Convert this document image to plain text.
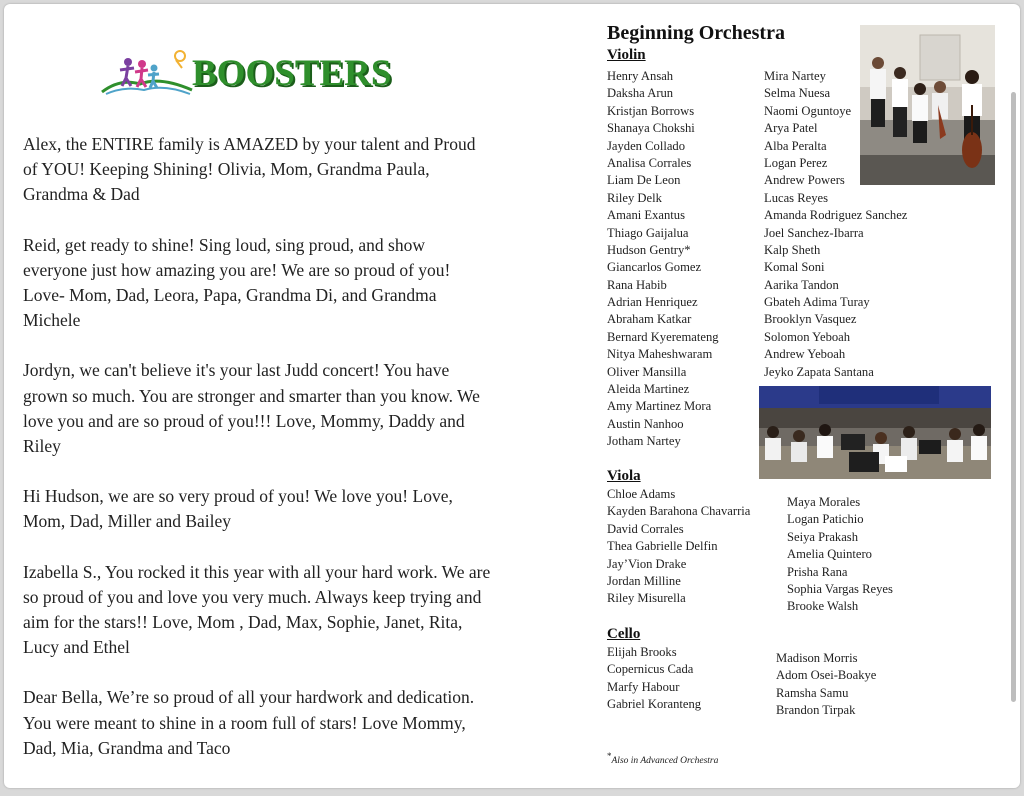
BOOSTERS

Alex, the ENTIRE family is AMAZED by your talent and Proud of YOU! Keeping Shining! Olivia, Mom, Grandma Paula, Grandma & Dad

Reid, get ready to shine! Sing loud, sing proud, and show everyone just how amazing you are! We are so proud of you! Love- Mom, Dad, Leora, Papa, Grandma Di, and Grandma Michele

Jordyn, we can't believe it's your last Judd concert! You have grown so much. You are stronger and smarter than you know. We love you and are so proud of you!!! Love, Mommy, Daddy and Riley

Hi Hudson, we are so very proud of you! We love you! Love, Mom, Dad, Miller and Bailey

Izabella S., You rocked it this year with all your hard work. We are so proud of you and love you very much. Always keep trying and aim for the stars!! Love, Mom , Dad, Max, Sophie, Janet, Rita, Lucy and Ethel

Dear Bella, We’re so proud of all your hardwork and dedication. You were meant to shine in a room full of stars! Love Mommy, Dad, Mia, Grandma and Taco

Beginning Orchestra
Violin
Henry Ansah
Daksha Arun
Kristjan Borrows
Shanaya Chokshi
Jayden Collado
Analisa Corrales
Liam De Leon
Riley Delk
Amani Exantus
Thiago Gaijalua
Hudson Gentry*
Giancarlos Gomez
Rana Habib
Adrian Henriquez
Abraham Katkar
Bernard Kyeremateng
Nitya Maheshwaram
Oliver Mansilla
Aleida Martinez
Amy Martinez Mora
Austin Nanhoo
Jotham Nartey
Mira Nartey
Selma Nuesa
Naomi Oguntoye
Arya Patel
Alba Peralta
Logan Perez
Andrew Powers
Lucas Reyes
Amanda Rodriguez Sanchez
Joel Sanchez-Ibarra
Kalp Sheth
Komal Soni
Aarika Tandon
Gbateh Adima Turay
Brooklyn Vasquez
Solomon Yeboah
Andrew Yeboah
Jeyko Zapata Santana
Viola
Chloe Adams
Kayden Barahona Chavarria
David Corrales
Thea Gabrielle Delfin
Jay’Vion Drake
Jordan Milline
Riley Misurella
Maya Morales
Logan Patichio
Seiya Prakash
Amelia Quintero
Prisha Rana
Sophia Vargas Reyes
Brooke Walsh
Cello
Elijah Brooks
Copernicus Cada
Marfy Habour
Gabriel Koranteng
Madison Morris
Adom Osei-Boakye
Ramsha Samu
Brandon Tirpak
*Also in Advanced Orchestra
